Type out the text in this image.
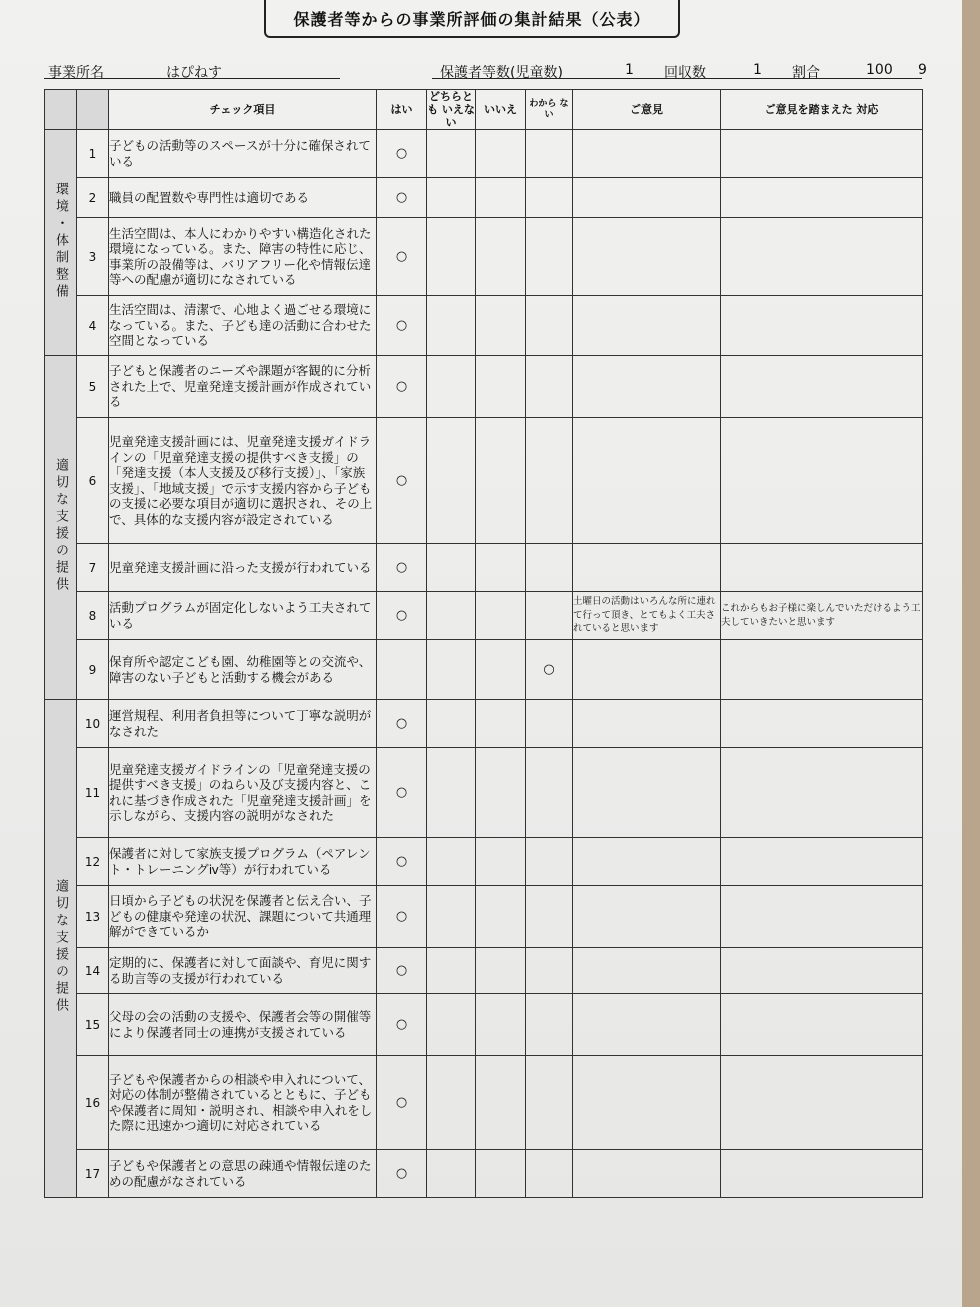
保護者等からの事業所評価の集計結果（公表）
事業所名	はぴねす	保護者等数(児童数)	1 回収数	1 割合	100 9
		チェック項目	はい	どちらとも いえない	いいえ	わから ない	ご意見	ご意見を踏まえた 対応
環境・体制整備	1	子どもの活動等のスペースが十分に確保されている	○					
	2	職員の配置数や専門性は適切である	○					
	3	生活空間は、本人にわかりやすい構造化された環境になっている。また、障害の特性に応じ、事業所の設備等は、バリアフリー化や情報伝達等への配慮が適切になされている	○					
	4	生活空間は、清潔で、心地よく過ごせる環境になっている。また、子ども達の活動に合わせた空間となっている	○					
適切な支援の提供	5	子どもと保護者のニーズや課題が客観的に分析された上で、児童発達支援計画が作成されている	○					
	6	児童発達支援計画には、児童発達支援ガイドラインの「児童発達支援の提供すべき支援」の「発達支援（本人支援及び移行支援）」、「家族支援」、「地域支援」で示す支援内容から子どもの支援に必要な項目が適切に選択され、その上で、具体的な支援内容が設定されている	○					
	7	児童発達支援計画に沿った支援が行われている	○					
	8	活動プログラムが固定化しないよう工夫されている	○				土曜日の活動はいろんな所に連れて行って頂き、とてもよく工夫されていると思います	これからもお子様に楽しんでいただけるよう工夫していきたいと思います
	9	保育所や認定こども園、幼稚園等との交流や、障害のない子どもと活動する機会がある				○		
適切な支援の提供	10	運営規程、利用者負担等について丁寧な説明がなされた	○					
	11	児童発達支援ガイドラインの「児童発達支援の提供すべき支援」のねらい及び支援内容と、これに基づき作成された「児童発達支援計画」を示しながら、支援内容の説明がなされた	○					
	12	保護者に対して家族支援プログラム（ペアレント・トレーニングⅳ等）が行われている	○					
	13	日頃から子どもの状況を保護者と伝え合い、子どもの健康や発達の状況、課題について共通理解ができているか	○					
	14	定期的に、保護者に対して面談や、育児に関する助言等の支援が行われている	○					
	15	父母の会の活動の支援や、保護者会等の開催等により保護者同士の連携が支援されている	○					
	16	子どもや保護者からの相談や申入れについて、対応の体制が整備されているとともに、子どもや保護者に周知・説明され、相談や申入れをした際に迅速かつ適切に対応されている	○					
	17	子どもや保護者との意思の疎通や情報伝達のための配慮がなされている	○					
